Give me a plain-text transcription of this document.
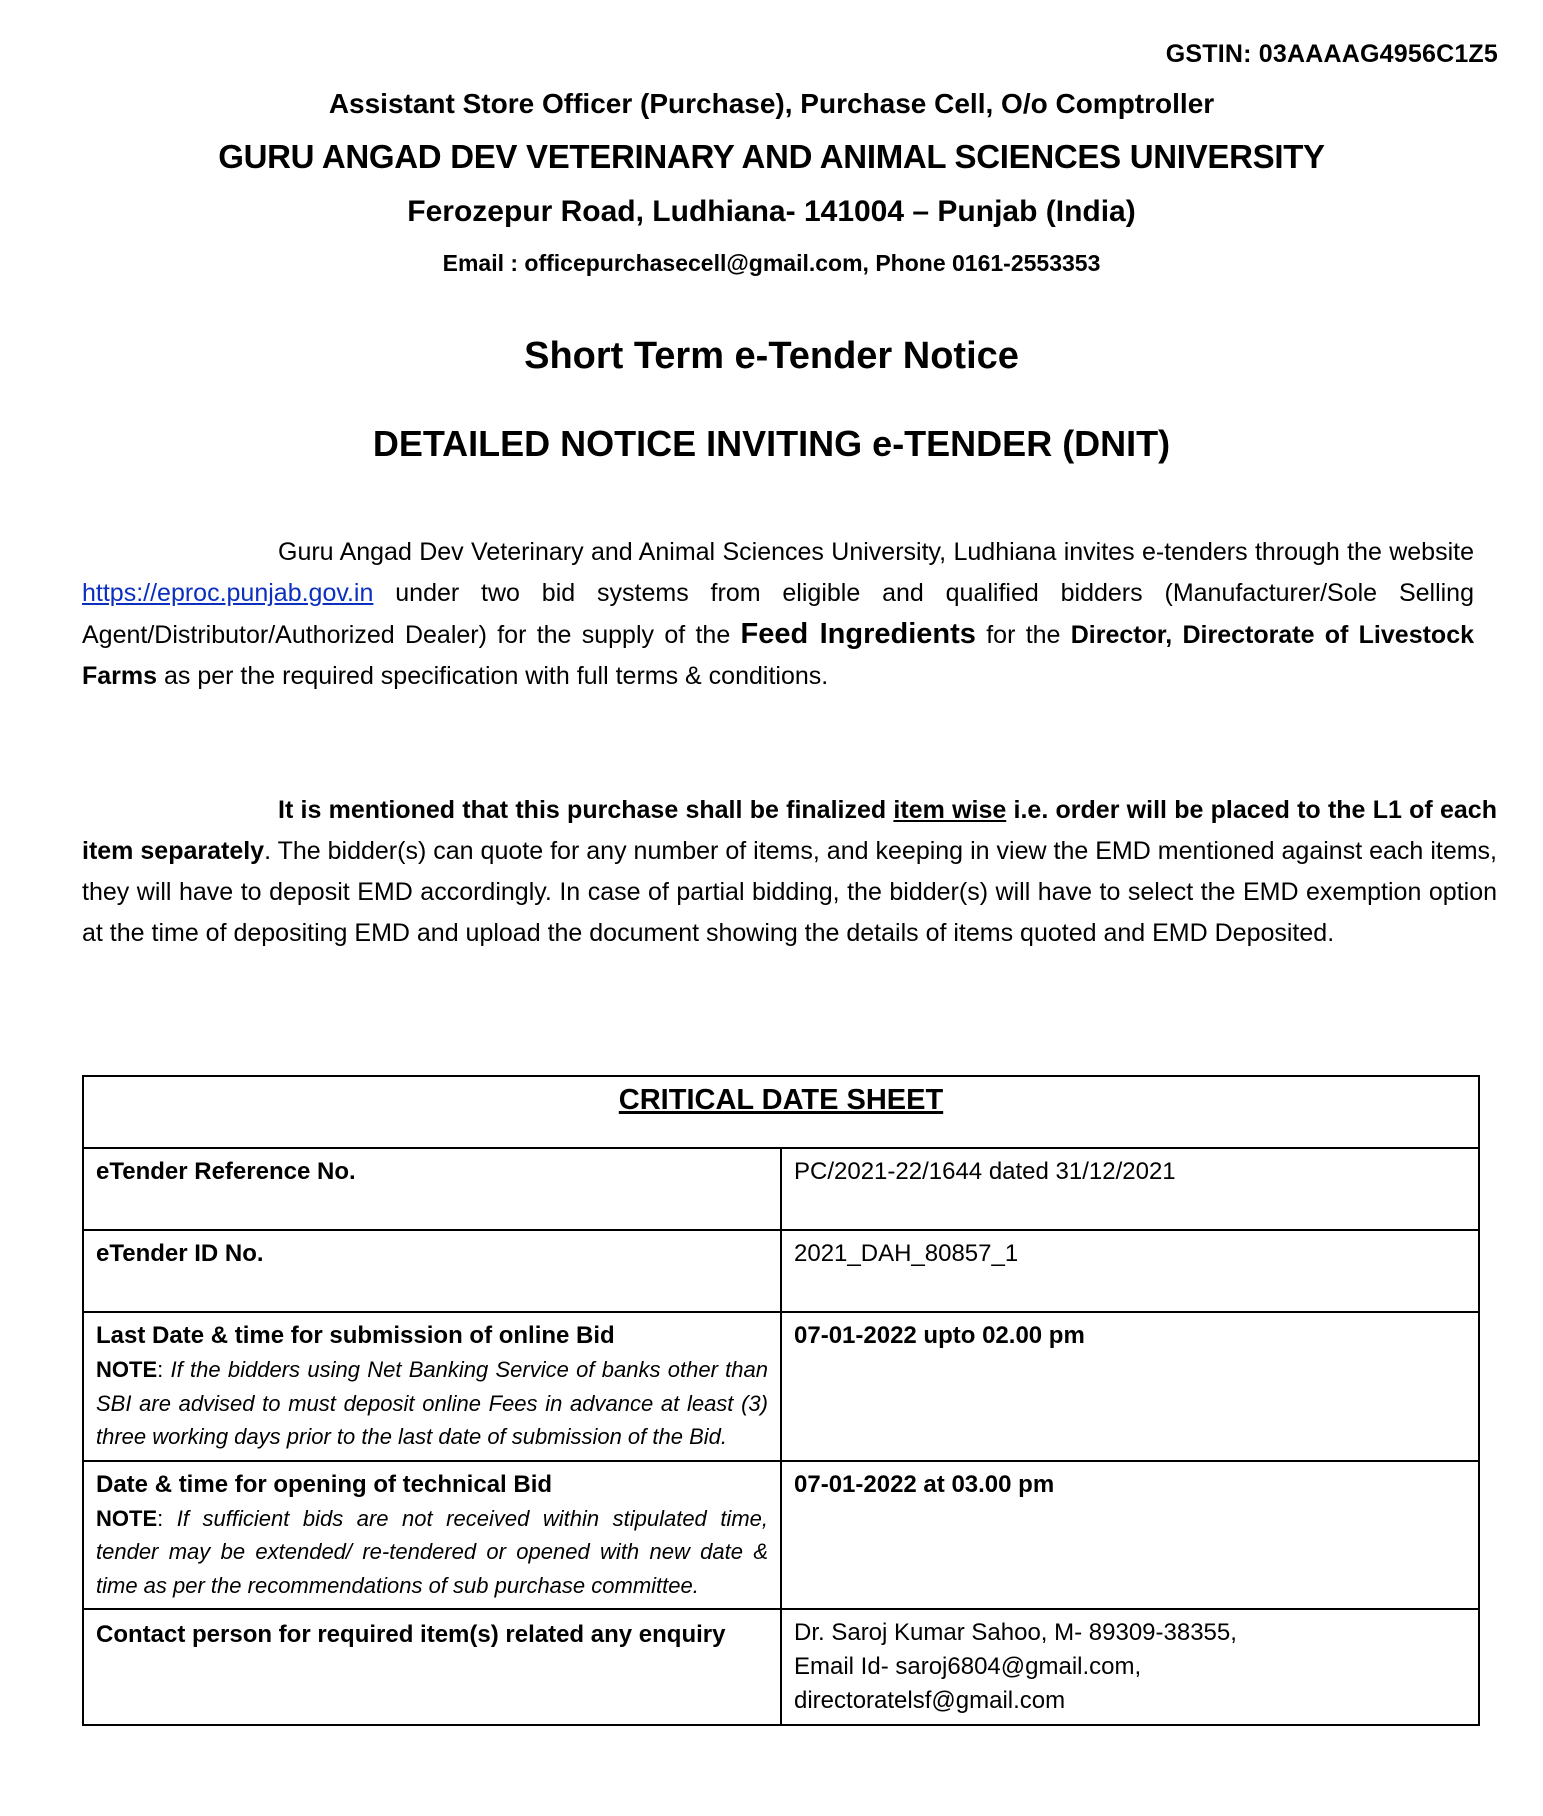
GSTIN: 03AAAAG4956C1Z5
Assistant Store Officer (Purchase), Purchase Cell, O/o Comptroller
GURU ANGAD DEV VETERINARY AND ANIMAL SCIENCES UNIVERSITY
Ferozepur Road, Ludhiana- 141004 – Punjab (India)
Email : officepurchasecell@gmail.com, Phone 0161-2553353
Short Term e-Tender Notice
DETAILED NOTICE INVITING e-TENDER (DNIT)
Guru Angad Dev Veterinary and Animal Sciences University, Ludhiana invites e-tenders through the website https://eproc.punjab.gov.in under two bid systems from eligible and qualified bidders (Manufacturer/Sole Selling Agent/Distributor/Authorized Dealer) for the supply of the Feed Ingredients for the Director, Directorate of Livestock Farms as per the required specification with full terms & conditions.
It is mentioned that this purchase shall be finalized item wise i.e. order will be placed to the L1 of each item separately. The bidder(s) can quote for any number of items, and keeping in view the EMD mentioned against each items, they will have to deposit EMD accordingly. In case of partial bidding, the bidder(s) will have to select the EMD exemption option at the time of depositing EMD and upload the document showing the details of items quoted and EMD Deposited.
CRITICAL DATE SHEET	
eTender Reference No.	PC/2021-22/1644 dated 31/12/2021
eTender ID No.	2021_DAH_80857_1

Last Date & time for submission of online Bid
NOTE: If the bidders using Net Banking Service of banks other than SBI are advised to must deposit online Fees in advance at least (3) three working days prior to the last date of submission of the Bid.	07-01-2022 upto 02.00 pm

Date & time for opening of technical Bid
NOTE: If sufficient bids are not received within stipulated time, tender may be extended/ re-tendered or opened with new date & time as per the recommendations of sub purchase committee.	07-01-2022 at 03.00 pm
Contact person for required item(s) related any enquiry	Dr. Saroj Kumar Sahoo, M- 89309-38355,
Email Id- saroj6804@gmail.com,
directoratelsf@gmail.com
